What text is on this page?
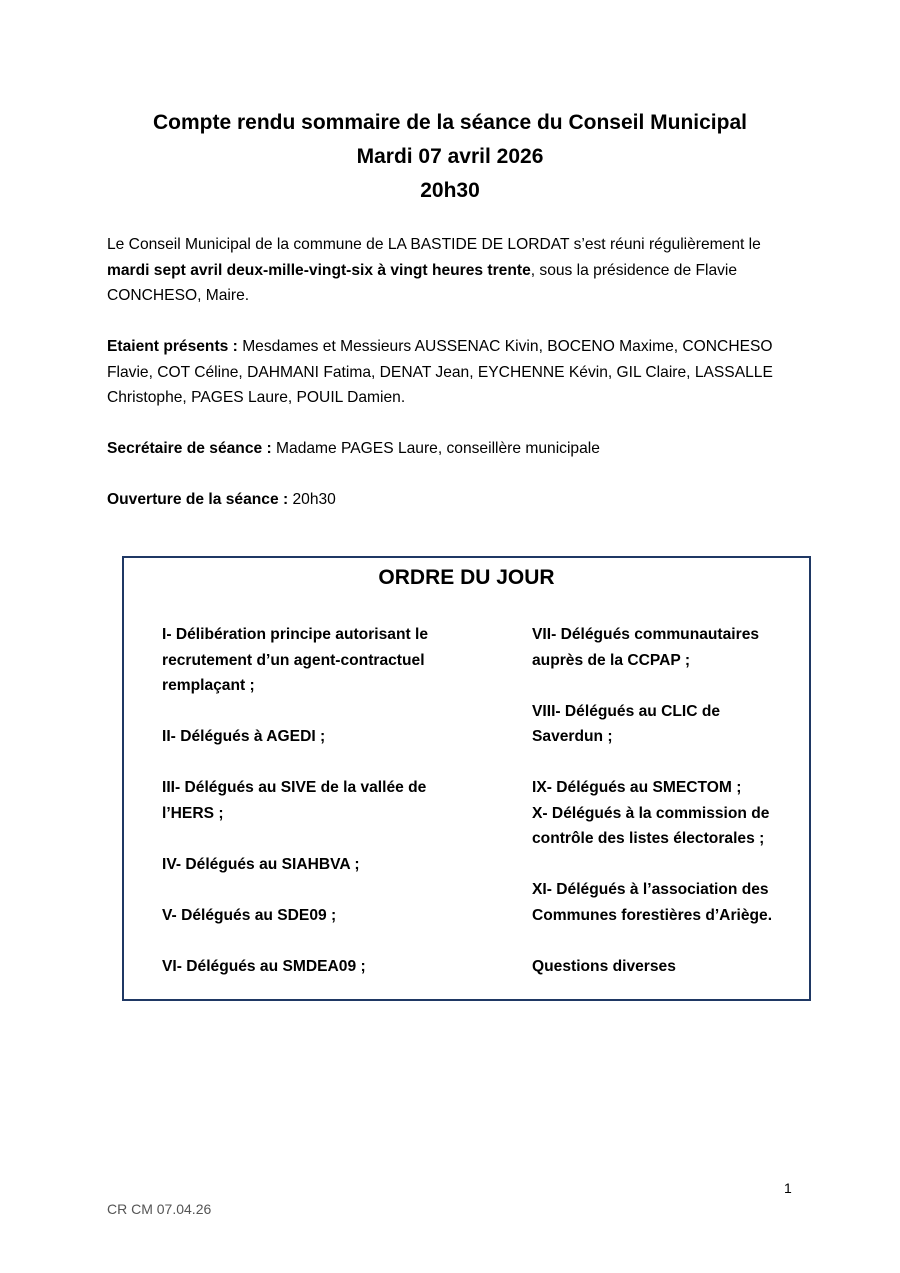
Compte rendu sommaire de la séance du Conseil Municipal
Mardi 07 avril 2026
20h30
Le Conseil Municipal de la commune de LA BASTIDE DE LORDAT s’est réuni régulièrement le mardi sept avril deux-mille-vingt-six à vingt heures trente, sous la présidence de Flavie CONCHESO, Maire.
Etaient présents : Mesdames et Messieurs AUSSENAC Kivin, BOCENO Maxime, CONCHESO Flavie, COT Céline, DAHMANI Fatima, DENAT Jean, EYCHENNE Kévin, GIL Claire, LASSALLE Christophe, PAGES Laure, POUIL Damien.
Secrétaire de séance : Madame PAGES Laure, conseillère municipale
Ouverture de la séance : 20h30
ORDRE DU JOUR
I- Délibération principe autorisant le recrutement d’un agent-contractuel remplaçant ;
II- Délégués à AGEDI ;
III- Délégués au SIVE de la vallée de l’HERS ;
IV- Délégués au SIAHBVA ;
V- Délégués au SDE09 ;
VI- Délégués au SMDEA09 ;
VII- Délégués communautaires auprès de la CCPAP ;
VIII- Délégués au CLIC de Saverdun ;
IX- Délégués au SMECTOM ;
X- Délégués à la commission de contrôle des listes électorales ;
XI- Délégués à l’association des Communes forestières d’Ariège.
Questions diverses
1
CR CM 07.04.26
